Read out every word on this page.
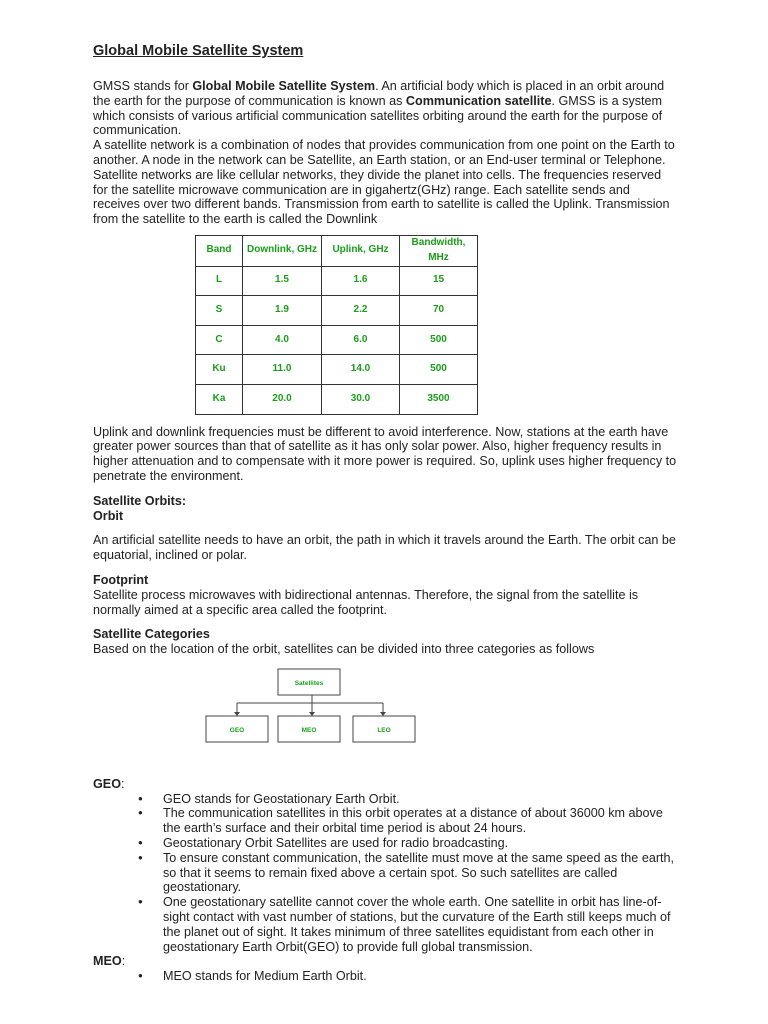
Global Mobile Satellite System

GMSS stands for Global Mobile Satellite System. An artificial body which is placed in an orbit around the earth for the purpose of communication is known as Communication satellite. GMSS is a system which consists of various artificial communication satellites orbiting around the earth for the purpose of communication.

A satellite network is a combination of nodes that provides communication from one point on the Earth to another. A node in the network can be Satellite, an Earth station, or an End-user terminal or Telephone. Satellite networks are like cellular networks, they divide the planet into cells. The frequencies reserved for the satellite microwave communication are in gigahertz(GHz) range. Each satellite sends and receives over two different bands. Transmission from earth to satellite is called the Uplink. Transmission from the satellite to the earth is called the Downlink

Band	Downlink, GHz	Uplink, GHz	Bandwidth, MHz
L	1.5	1.6	15
S	1.9	2.2	70
C	4.0	6.0	500
Ku	11.0	14.0	500
Ka	20.0	30.0	3500

Uplink and downlink frequencies must be different to avoid interference. Now, stations at the earth have greater power sources than that of satellite as it has only solar power. Also, higher frequency results in higher attenuation and to compensate with it more power is required. So, uplink uses higher frequency to penetrate the environment.

Satellite Orbits:

Orbit

An artificial satellite needs to have an orbit, the path in which it travels around the Earth. The orbit can be equatorial, inclined or polar.

Footprint

Satellite process microwaves with bidirectional antennas. Therefore, the signal from the satellite is normally aimed at a specific area called the footprint.

Satellite Categories

Based on the location of the orbit, satellites can be divided into three categories as follows

Satellites
GEO	MEO	LEO

GEO:

● GEO stands for Geostationary Earth Orbit.
● The communication satellites in this orbit operates at a distance of about 36000 km above the earth’s surface and their orbital time period is about 24 hours.
● Geostationary Orbit Satellites are used for radio broadcasting.
● To ensure constant communication, the satellite must move at the same speed as the earth, so that it seems to remain fixed above a certain spot. So such satellites are called geostationary.
● One geostationary satellite cannot cover the whole earth. One satellite in orbit has line-of-sight contact with vast number of stations, but the curvature of the Earth still keeps much of the planet out of sight. It takes minimum of three satellites equidistant from each other in geostationary Earth Orbit(GEO) to provide full global transmission.

MEO:

● MEO stands for Medium Earth Orbit.
